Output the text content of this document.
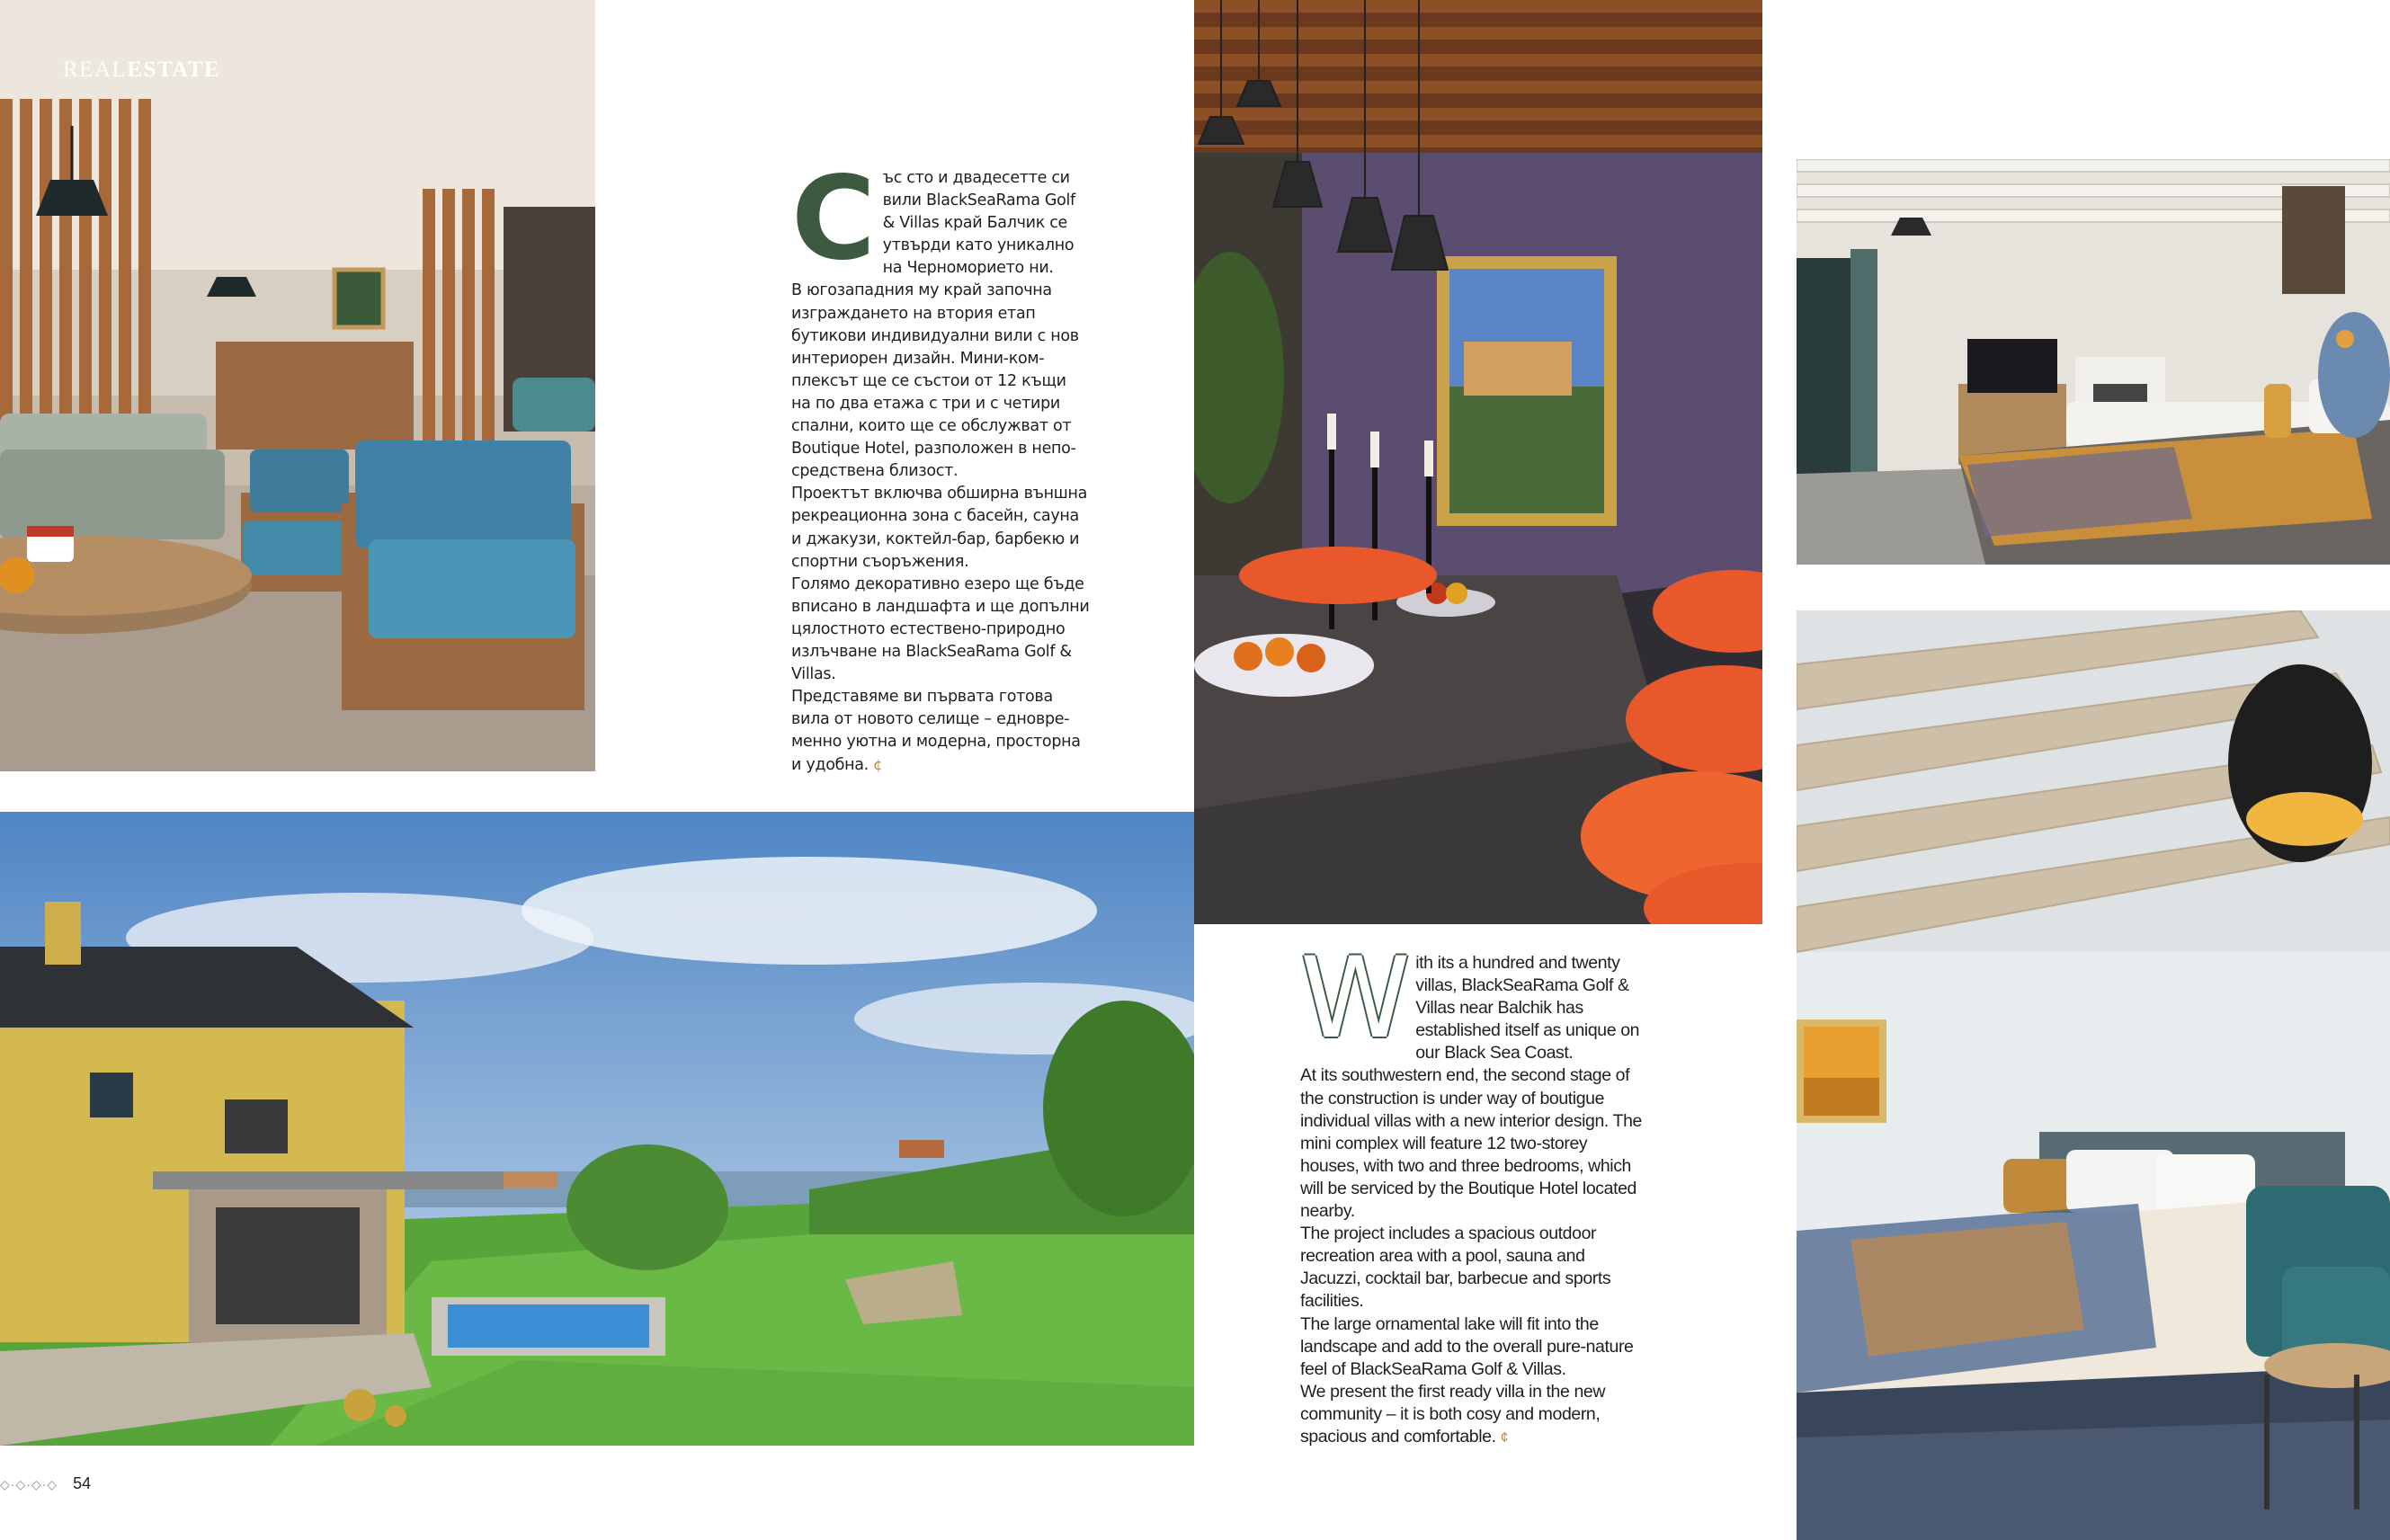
REALESTATE
С ъс сто и двадесетте си вили BlackSeaRama Golf & Villas край Балчик се утвърди като уникално на Черноморието ни.

В югозападния му край започна изграждането на втория етап бутикови индивидуални вили с нов интериорен дизайн. Мини-комплексът ще се състои от 12 къщи на по два етажа с три и с четири спални, които ще се обслужват от Boutique Hotel, разположен в непосредствена близост.

Проектът включва обширна външна рекреационна зона с басейн, сауна и джакузи, коктейл-бар, барбекю и спортни съоръжения.

Голямо декоративно езеро ще бъде вписано в ландшафта и ще допълни цялостното естествено-природно излъчване на BlackSeaRama Golf & Villas.

Представяме ви първата готова вила от новото селище – едновременно уютна и модерна, просторна и удобна. ¢

W ith its a hundred and twenty villas, BlackSeaRama Golf & Villas near Balchik has established itself as unique on our Black Sea Coast.

At its southwestern end, the second stage of the construction is under way of boutigue individual villas with a new interior design. The mini complex will feature 12 two-storey houses, with two and three bedrooms, which will be serviced by the Boutique Hotel located nearby.

The project includes a spacious outdoor recreation area with a pool, sauna and Jacuzzi, cocktail bar, barbecue and sports facilities.

The large ornamental lake will fit into the landscape and add to the overall pure-nature feel of BlackSeaRama Golf & Villas.

We present the first ready villa in the new community – it is both cosy and modern, spacious and comfortable. ¢

◇·◇·◇·◇ 54
